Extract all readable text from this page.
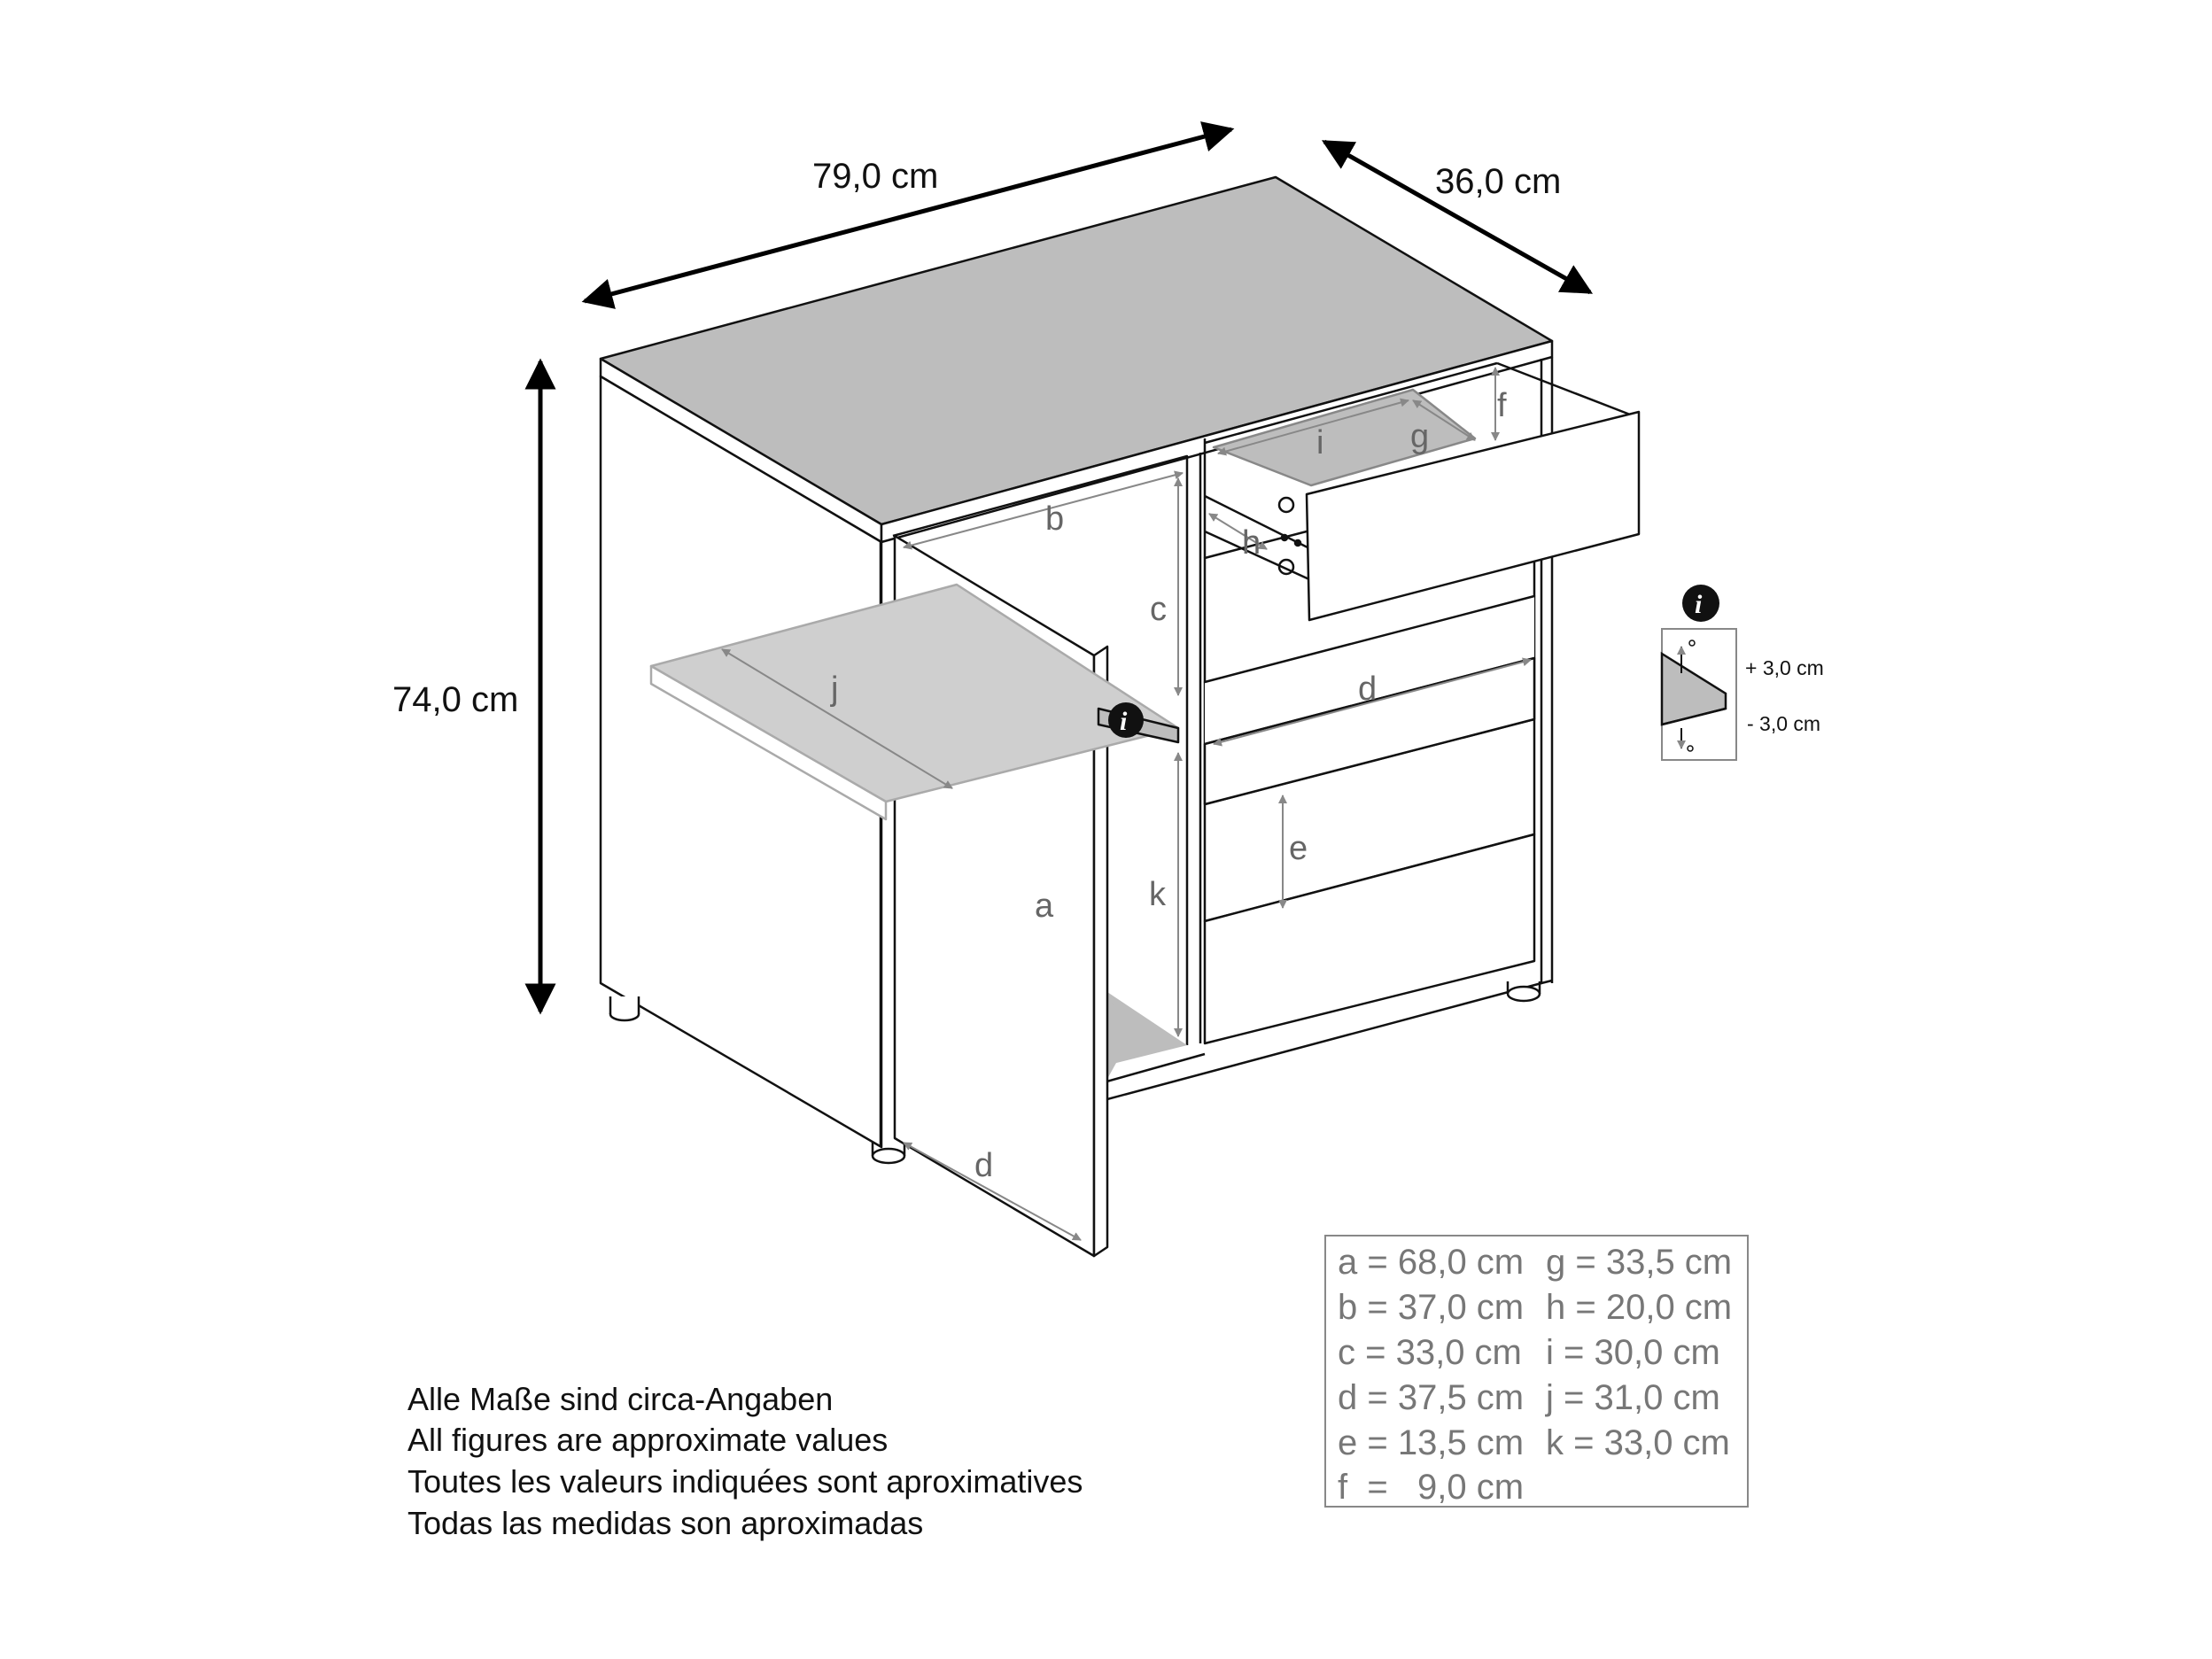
79,0 cm	36,0 cm
74,0 cm
a
b
c
d
d
e
f
g
h
i
j
k
i
i
+ 3,0 cm
- 3,0 cm
a = 68,0 cm g = 33,5 cm
b = 37,0 cm h = 20,0 cm
c = 33,0 cm i = 30,0 cm
d = 37,5 cm j = 31,0 cm
e = 13,5 cm k = 33,0 cm
f  =   9,0 cm
Alle Maße sind circa-Angaben
All figures are approximate values
Toutes les valeurs indiquées sont aproximatives
Todas las medidas son aproximadas
